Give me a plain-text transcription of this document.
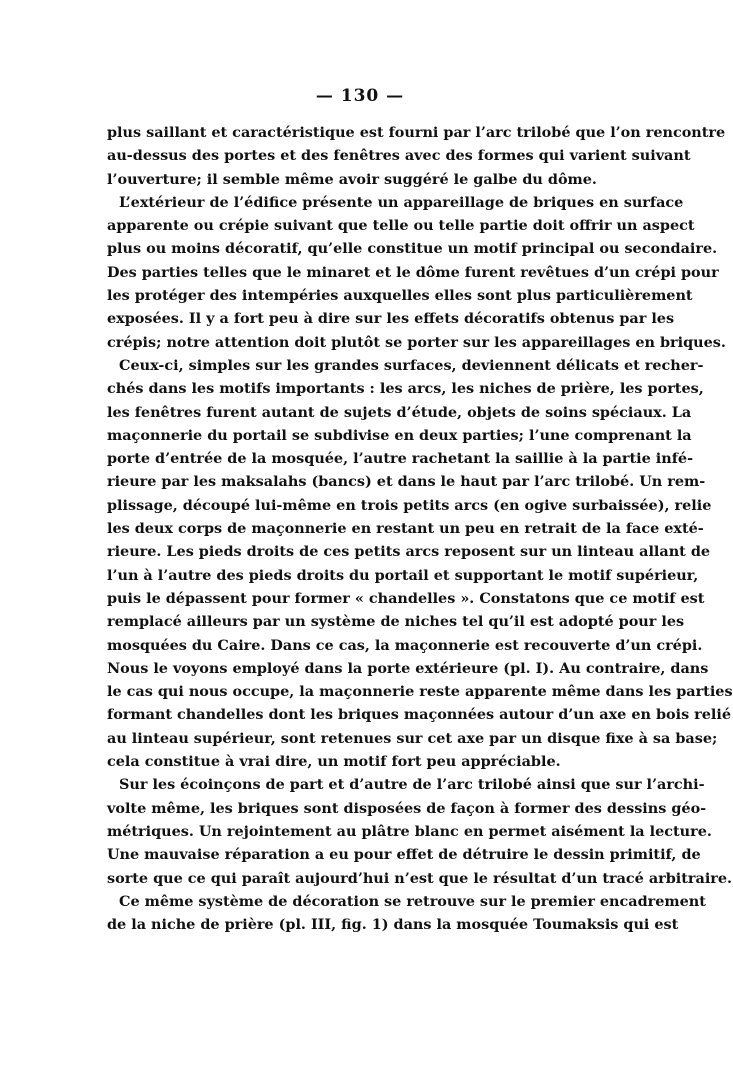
— 130 —
plus saillant et caractéristique est fourni par l’arc trilobé que l’on rencontre
au-dessus des portes et des fenêtres avec des formes qui varient suivant
l’ouverture; il semble même avoir suggéré le galbe du dôme.
L’extérieur de l’édifice présente un appareillage de briques en surface
apparente ou crépie suivant que telle ou telle partie doit offrir un aspect
plus ou moins décoratif, qu’elle constitue un motif principal ou secondaire.
Des parties telles que le minaret et le dôme furent revêtues d’un crépi pour
les protéger des intempéries auxquelles elles sont plus particulièrement
exposées. Il y a fort peu à dire sur les effets décoratifs obtenus par les
crépis; notre attention doit plutôt se porter sur les appareillages en briques.
Ceux-ci, simples sur les grandes surfaces, deviennent délicats et recher-
chés dans les motifs importants : les arcs, les niches de prière, les portes,
les fenêtres furent autant de sujets d’étude, objets de soins spéciaux. La
maçonnerie du portail se subdivise en deux parties; l’une comprenant la
porte d’entrée de la mosquée, l’autre rachetant la saillie à la partie infé-
rieure par les maksalahs (bancs) et dans le haut par l’arc trilobé. Un rem-
plissage, découpé lui-même en trois petits arcs (en ogive surbaissée), relie
les deux corps de maçonnerie en restant un peu en retrait de la face exté-
rieure. Les pieds droits de ces petits arcs reposent sur un linteau allant de
l’un à l’autre des pieds droits du portail et supportant le motif supérieur,
puis le dépassent pour former « chandelles ». Constatons que ce motif est
remplacé ailleurs par un système de niches tel qu’il est adopté pour les
mosquées du Caire. Dans ce cas, la maçonnerie est recouverte d’un crépi.
Nous le voyons employé dans la porte extérieure (pl. I). Au contraire, dans
le cas qui nous occupe, la maçonnerie reste apparente même dans les parties
formant chandelles dont les briques maçonnées autour d’un axe en bois relié
au linteau supérieur, sont retenues sur cet axe par un disque fixe à sa base;
cela constitue à vrai dire, un motif fort peu appréciable.
Sur les écoinçons de part et d’autre de l’arc trilobé ainsi que sur l’archi-
volte même, les briques sont disposées de façon à former des dessins géo-
métriques. Un rejointement au plâtre blanc en permet aisément la lecture.
Une mauvaise réparation a eu pour effet de détruire le dessin primitif, de
sorte que ce qui paraît aujourd’hui n’est que le résultat d’un tracé arbitraire.
Ce même système de décoration se retrouve sur le premier encadrement
de la niche de prière (pl. III, fig. 1) dans la mosquée Toumaksis qui est
